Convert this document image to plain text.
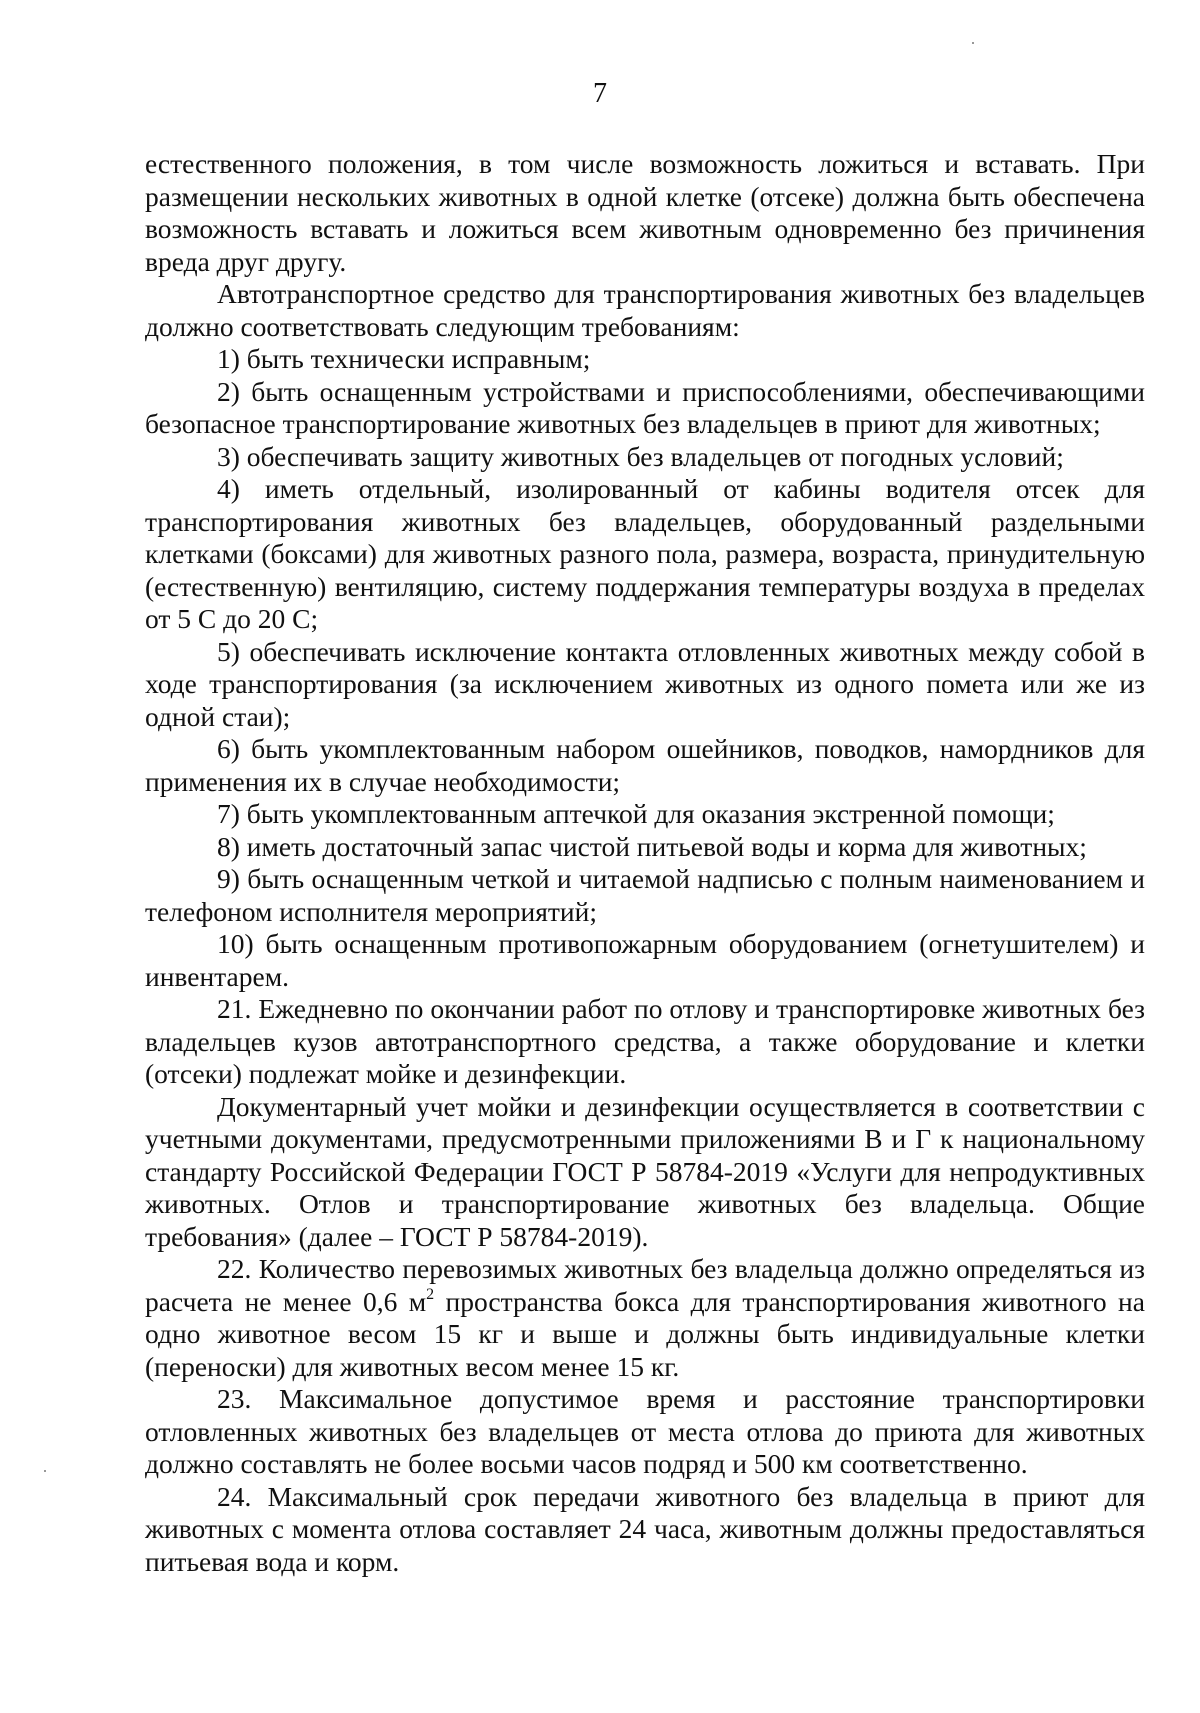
7

естественного положения, в том числе возможность ложиться и вставать. При размещении нескольких животных в одной клетке (отсеке) должна быть обеспечена возможность вставать и ложиться всем животным одновременно без причинения вреда друг другу.

Автотранспортное средство для транспортирования животных без владельцев должно соответствовать следующим требованиям:

1) быть технически исправным;

2) быть оснащенным устройствами и приспособлениями, обеспечивающими безопасное транспортирование животных без владельцев в приют для животных;

3) обеспечивать защиту животных без владельцев от погодных условий;

4) иметь отдельный, изолированный от кабины водителя отсек для транспортирования животных без владельцев, оборудованный раздельными клетками (боксами) для животных разного пола, размера, возраста, принудительную (естественную) вентиляцию, систему поддержания температуры воздуха в пределах от 5 С до 20 С;

5) обеспечивать исключение контакта отловленных животных между собой в ходе транспортирования (за исключением животных из одного помета или же из одной стаи);

6) быть укомплектованным набором ошейников, поводков, намордников для применения их в случае необходимости;

7) быть укомплектованным аптечкой для оказания экстренной помощи;

8) иметь достаточный запас чистой питьевой воды и корма для животных;

9) быть оснащенным четкой и читаемой надписью с полным наименованием и телефоном исполнителя мероприятий;

10) быть оснащенным противопожарным оборудованием (огнетушителем) и инвентарем.

21. Ежедневно по окончании работ по отлову и транспортировке животных без владельцев кузов автотранспортного средства, а также оборудование и клетки (отсеки) подлежат мойке и дезинфекции.

Документарный учет мойки и дезинфекции осуществляется в соответствии с учетными документами, предусмотренными приложениями В и Г к национальному стандарту Российской Федерации ГОСТ Р 58784-2019 «Услуги для непродуктивных животных. Отлов и транспортирование животных без владельца. Общие требования» (далее – ГОСТ Р 58784-2019).

22. Количество перевозимых животных без владельца должно определяться из расчета не менее 0,6 $м^2$ пространства бокса для транспортирования животного на одно животное весом 15 кг и выше и должны быть индивидуальные клетки (переноски) для животных весом менее 15 кг.

23. Максимальное допустимое время и расстояние транспортировки отловленных животных без владельцев от места отлова до приюта для животных должно составлять не более восьми часов подряд и 500 км соответственно.

24. Максимальный срок передачи животного без владельца в приют для животных с момента отлова составляет 24 часа, животным должны предоставляться питьевая вода и корм.
